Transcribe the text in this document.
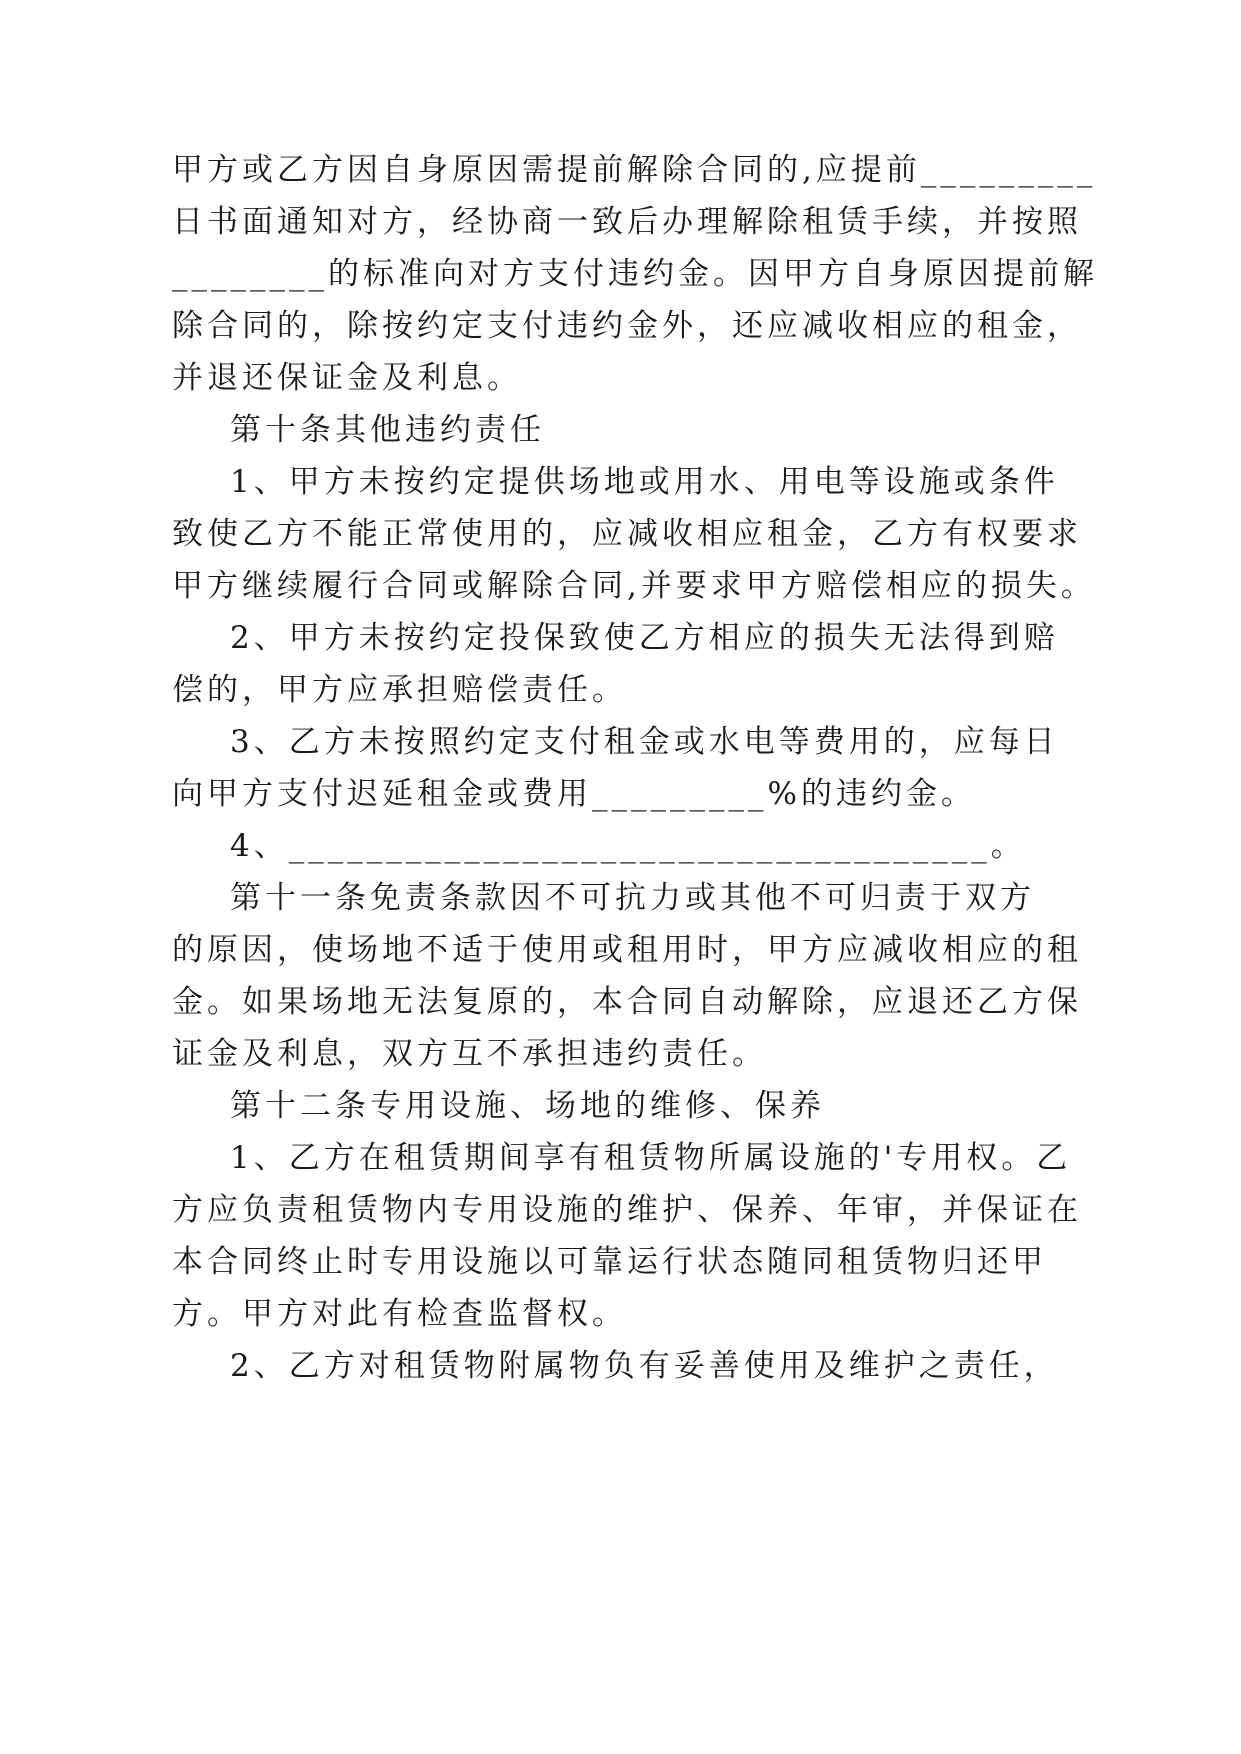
甲方或乙方因自身原因需提前解除合同的,应提前_________
日书面通知对方，经协商一致后办理解除租赁手续，并按照
________的标准向对方支付违约金。因甲方自身原因提前解
除合同的，除按约定支付违约金外，还应减收相应的租金，
并退还保证金及利息。
第十条其他违约责任
1、甲方未按约定提供场地或用水、用电等设施或条件
致使乙方不能正常使用的，应减收相应租金，乙方有权要求
甲方继续履行合同或解除合同,并要求甲方赔偿相应的损失。
2、甲方未按约定投保致使乙方相应的损失无法得到赔
偿的，甲方应承担赔偿责任。
3、乙方未按照约定支付租金或水电等费用的，应每日
向甲方支付迟延租金或费用_________%的违约金。
4、____________________________________。
第十一条免责条款因不可抗力或其他不可归责于双方
的原因，使场地不适于使用或租用时，甲方应减收相应的租
金。如果场地无法复原的，本合同自动解除，应退还乙方保
证金及利息，双方互不承担违约责任。
第十二条专用设施、场地的维修、保养
1、乙方在租赁期间享有租赁物所属设施的'专用权。乙
方应负责租赁物内专用设施的维护、保养、年审，并保证在
本合同终止时专用设施以可靠运行状态随同租赁物归还甲
方。甲方对此有检查监督权。
2、乙方对租赁物附属物负有妥善使用及维护之责任，
